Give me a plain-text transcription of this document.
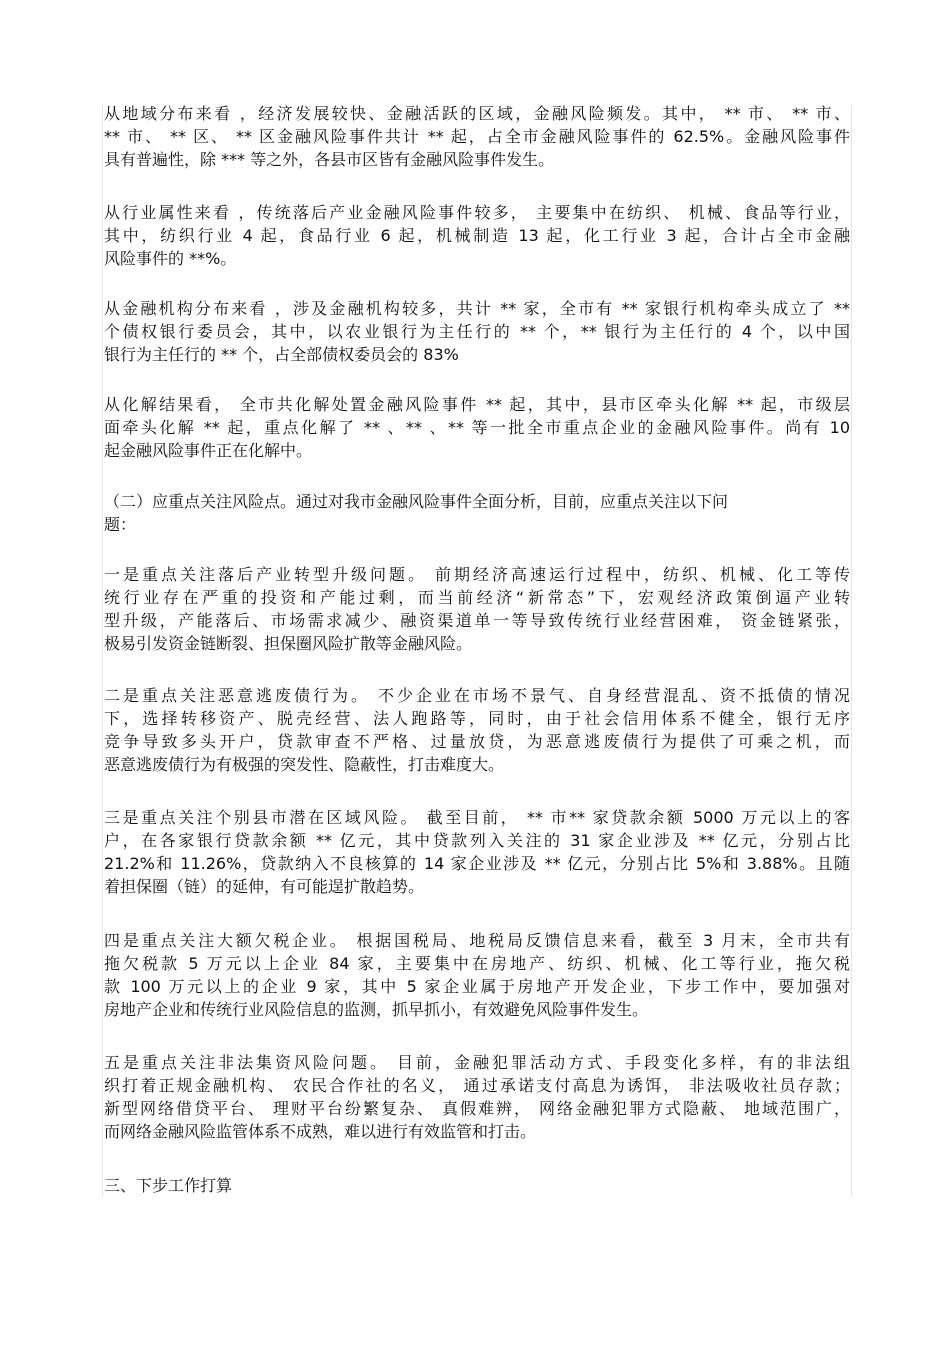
从地域分布来看 ，经济发展较快、金融活跃的区域，金融风险频发。其中， ** 市、 ** 市、
** 市、 ** 区、 ** 区金融风险事件共计 ** 起，占全市金融风险事件的 62.5%。金融风险事件
具有普遍性，除 *** 等之外，各县市区皆有金融风险事件发生。
从行业属性来看 ，传统落后产业金融风险事件较多， 主要集中在纺织、 机械、食品等行业，
其中，纺织行业 4 起，食品行业 6 起，机械制造 13 起，化工行业 3 起，合计占全市金融
风险事件的 **%。
从金融机构分布来看 ，涉及金融机构较多，共计 ** 家，全市有 ** 家银行机构牵头成立了 **
个债权银行委员会，其中，以农业银行为主任行的 ** 个，** 银行为主任行的 4 个，以中国
银行为主任行的 ** 个，占全部债权委员会的 83%
从化解结果看， 全市共化解处置金融风险事件 ** 起，其中，县市区牵头化解 ** 起，市级层
面牵头化解 ** 起，重点化解了 ** 、** 、** 等一批全市重点企业的金融风险事件。尚有 10
起金融风险事件正在化解中。
（二）应重点关注风险点。通过对我市金融风险事件全面分析，目前，应重点关注以下问
题：
一是重点关注落后产业转型升级问题。 前期经济高速运行过程中，纺织、机械、化工等传
统行业存在严重的投资和产能过剩，而当前经济“新常态”下，宏观经济政策倒逼产业转
型升级，产能落后、市场需求减少、融资渠道单一等导致传统行业经营困难， 资金链紧张，
极易引发资金链断裂、担保圈风险扩散等金融风险。
二是重点关注恶意逃废债行为。 不少企业在市场不景气、自身经营混乱、资不抵债的情况
下，选择转移资产、脱壳经营、法人跑路等，同时，由于社会信用体系不健全，银行无序
竞争导致多头开户，贷款审查不严格、过量放贷，为恶意逃废债行为提供了可乘之机，而
恶意逃废债行为有极强的突发性、隐蔽性，打击难度大。
三是重点关注个别县市潜在区域风险。 截至目前， ** 市** 家贷款余额 5000 万元以上的客
户，在各家银行贷款余额 ** 亿元，其中贷款列入关注的 31 家企业涉及 ** 亿元，分别占比
21.2%和 11.26%，贷款纳入不良核算的 14 家企业涉及 ** 亿元，分别占比 5%和 3.88%。且随
着担保圈（链）的延伸，有可能逞扩散趋势。
四是重点关注大额欠税企业。 根据国税局、地税局反馈信息来看，截至 3 月末，全市共有
拖欠税款 5 万元以上企业 84 家，主要集中在房地产、纺织、机械、化工等行业，拖欠税
款 100 万元以上的企业 9 家，其中 5 家企业属于房地产开发企业，下步工作中，要加强对
房地产企业和传统行业风险信息的监测，抓早抓小，有效避免风险事件发生。
五是重点关注非法集资风险问题。 目前，金融犯罪活动方式、手段变化多样，有的非法组
织打着正规金融机构、 农民合作社的名义， 通过承诺支付高息为诱饵， 非法吸收社员存款；
新型网络借贷平台、 理财平台纷繁复杂、 真假难辨， 网络金融犯罪方式隐蔽、 地域范围广，
而网络金融风险监管体系不成熟，难以进行有效监管和打击。
三、下步工作打算
